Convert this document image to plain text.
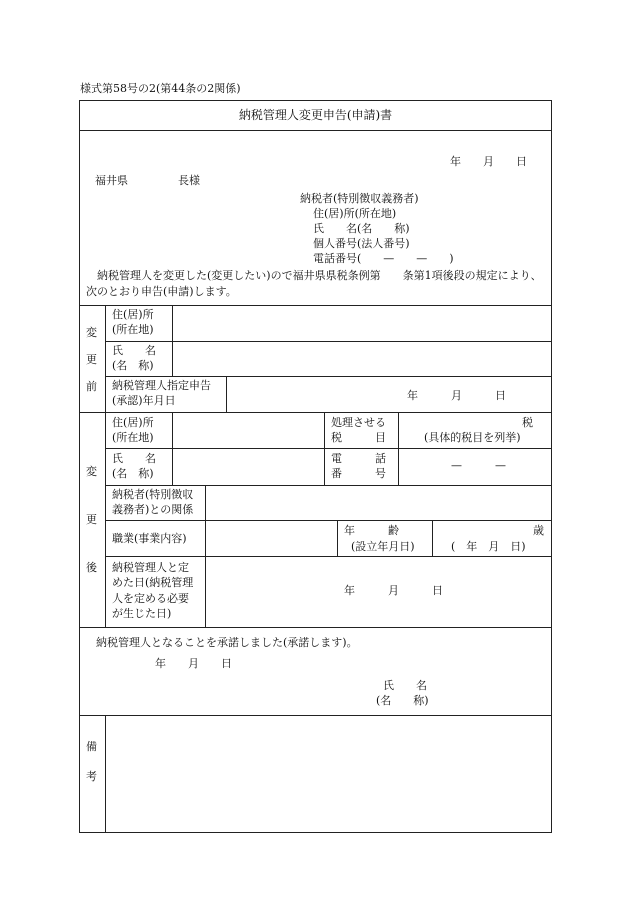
様式第58号の2(第44条の2関係)
納税管理人変更申告(申請)書
年　　月　　日
福井県	長様
納税者(特別徴収義務者)
住(居)所(所在地)
氏　　名(名　　称)
個人番号(法人番号)
電話番号(　　—　　—　　)
納税管理人を変更した(変更したい)ので福井県県税条例第　　条第1項後段の規定により、次のとおり申告(申請)します。
変
更
前
住(居)所
(所在地)
氏　　名
(名　称)
納税管理人指定申告
(承認)年月日	年　　　月　　　日
変
更
後
住(居)所
(所在地)
処理させる
税　　　目
税
(具体的税目を列挙)
氏　　名
(名　称)
電　　　話
番　　　号
—　　　—
納税者(特別徴収
義務者)との関係
職業(事業内容)
年　　　齢
(設立年月日)
歳
(　年　月　日)
納税管理人と定
めた日(納税管理
人を定める必要
が生じた日)
年　　　月　　　日
納税管理人となることを承諾しました(承諾します)。
年　　月　　日
氏　　名
(名　　称)
備
考
